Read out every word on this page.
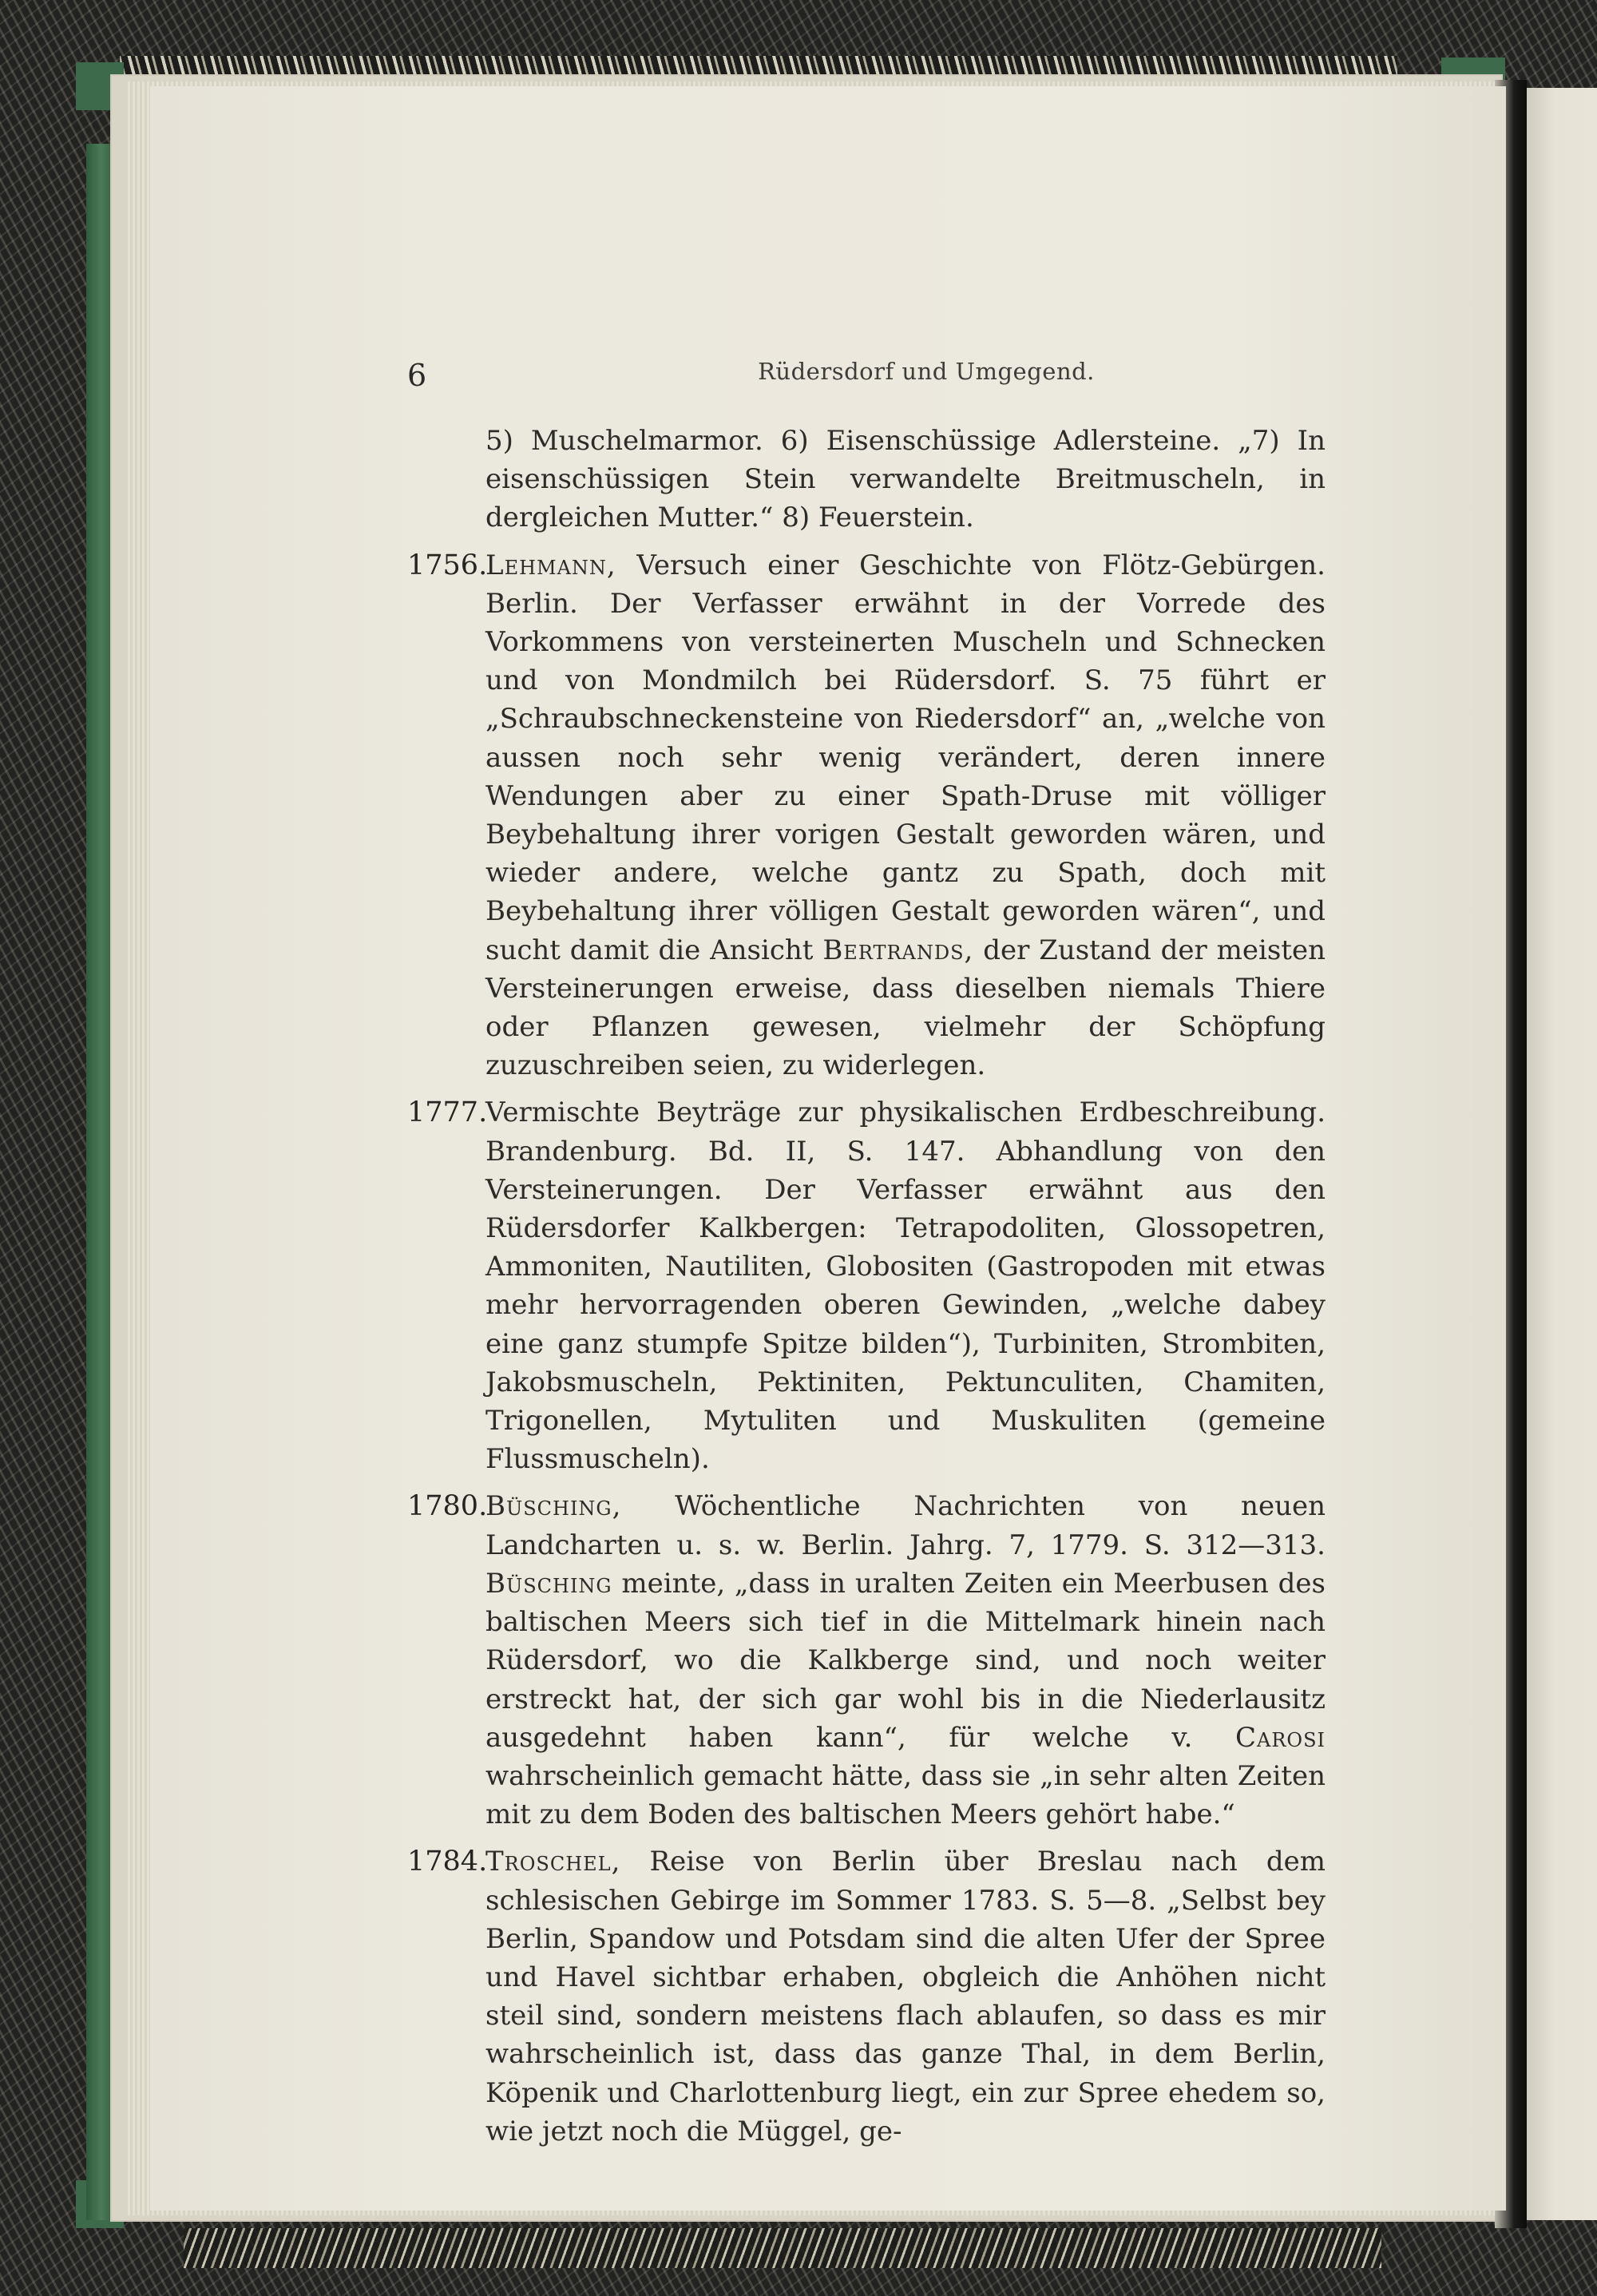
6	Rüdersdorf und Umgegend.
5) Muschelmarmor. 6) Eisenschüssige Adlersteine. „7) In eisenschüssigen Stein verwandelte Breitmuscheln, in dergleichen Mutter.“ 8) Feuerstein.
1756.
Lehmann, Versuch einer Geschichte von Flötz-Gebürgen. Berlin. Der Verfasser erwähnt in der Vorrede des Vorkommens von versteinerten Muscheln und Schnecken und von Mondmilch bei Rüdersdorf. S. 75 führt er „Schraubschneckensteine von Riedersdorf“ an, „welche von aussen noch sehr wenig verändert, deren innere Wendungen aber zu einer Spath-Druse mit völliger Beybehaltung ihrer vorigen Gestalt geworden wären, und wieder andere, welche gantz zu Spath, doch mit Beybehaltung ihrer völligen Gestalt geworden wären“, und sucht damit die Ansicht Bertrands, der Zustand der meisten Versteinerungen erweise, dass dieselben niemals Thiere oder Pflanzen gewesen, vielmehr der Schöpfung zuzuschreiben seien, zu widerlegen.
1777.
Vermischte Beyträge zur physikalischen Erdbeschreibung. Brandenburg. Bd. II, S. 147. Abhandlung von den Versteinerungen. Der Verfasser erwähnt aus den Rüdersdorfer Kalkbergen: Tetrapodoliten, Glossopetren, Ammoniten, Nautiliten, Globositen (Gastropoden mit etwas mehr hervorragenden oberen Gewinden, „welche dabey eine ganz stumpfe Spitze bilden“), Turbiniten, Strombiten, Jakobsmuscheln, Pektiniten, Pektunculiten, Chamiten, Trigonellen, Mytuliten und Muskuliten (gemeine Flussmuscheln).
1780.
Büsching, Wöchentliche Nachrichten von neuen Landcharten u. s. w. Berlin. Jahrg. 7, 1779. S. 312—313. Büsching meinte, „dass in uralten Zeiten ein Meerbusen des baltischen Meers sich tief in die Mittelmark hinein nach Rüdersdorf, wo die Kalkberge sind, und noch weiter erstreckt hat, der sich gar wohl bis in die Niederlausitz ausgedehnt haben kann“, für welche v. Carosi wahrscheinlich gemacht hätte, dass sie „in sehr alten Zeiten mit zu dem Boden des baltischen Meers gehört habe.“
1784.
Troschel, Reise von Berlin über Breslau nach dem schlesischen Gebirge im Sommer 1783. S. 5—8. „Selbst bey Berlin, Spandow und Potsdam sind die alten Ufer der Spree und Havel sichtbar erhaben, obgleich die Anhöhen nicht steil sind, sondern meistens flach ablaufen, so dass es mir wahrscheinlich ist, dass das ganze Thal, in dem Berlin, Köpenik und Charlottenburg liegt, ein zur Spree ehedem so, wie jetzt noch die Müggel, ge-
